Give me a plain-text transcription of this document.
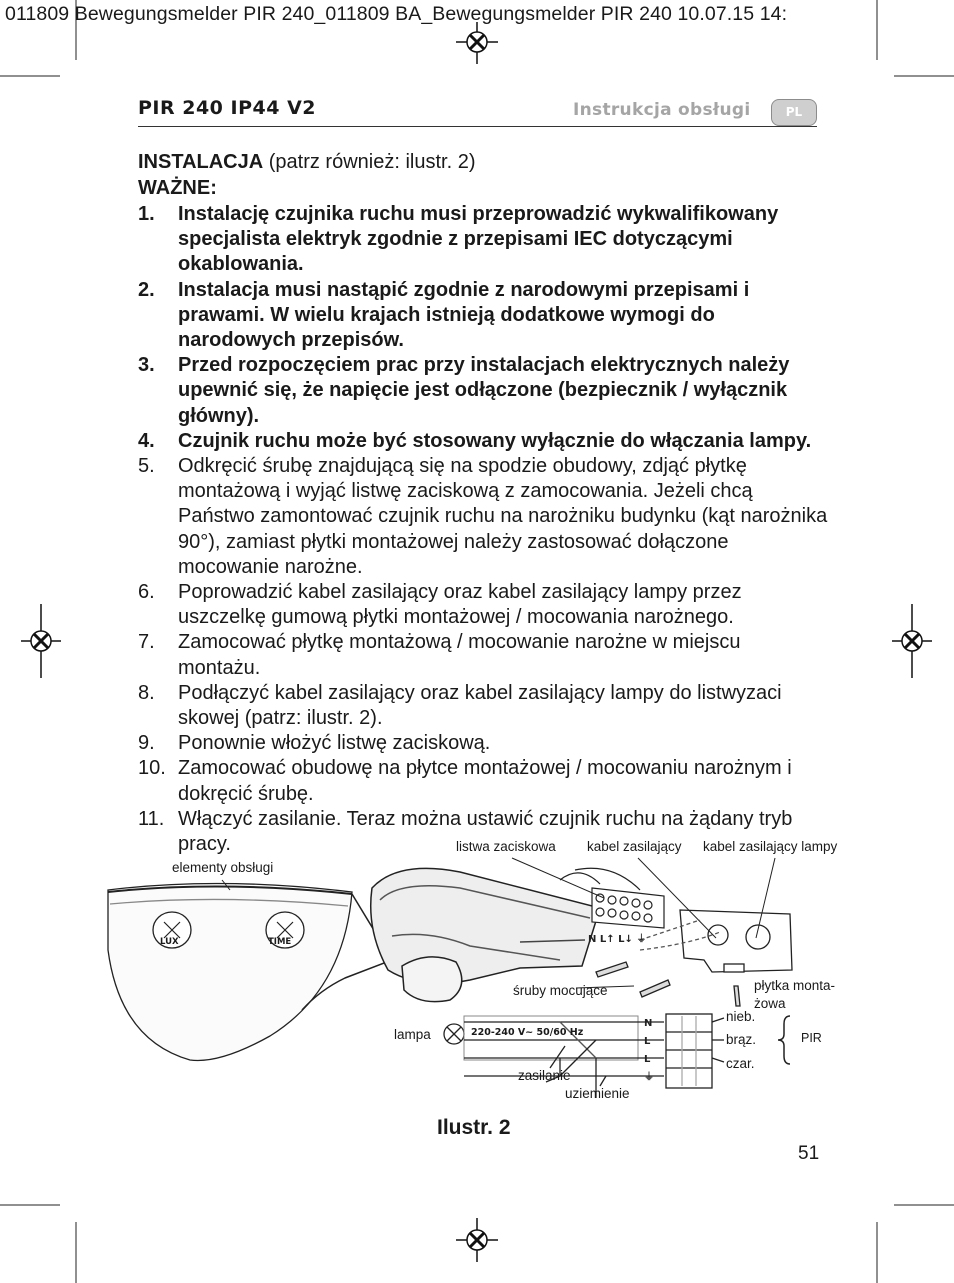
N
L
L
⏚
N L↑ L↓ ⏚
011809 Bewegungsmelder PIR 240_011809 BA_Bewegungsmelder PIR 240 10.07.15 14:
PIR 240 IP44 V2	Instrukcja obsługi	PL
INSTALACJA (patrz również: ilustr. 2)
WAŻNE:
1. Instalację czujnika ruchu musi przeprowadzić wykwalifikowany specjalista elektryk zgodnie z przepisami IEC dotyczącymi okablowania.
2. Instalacja musi nastąpić zgodnie z narodowymi przepisami i prawami. W wielu krajach istnieją dodatkowe wymogi do narodowych przepisów.
3. Przed rozpoczęciem prac przy instalacjach elektrycznych należy upewnić się, że napięcie jest odłączone (bezpiecznik / wyłącznik główny).
4. Czujnik ruchu może być stosowany wyłącznie do włączania lampy.
5. Odkręcić śrubę znajdującą się na spodzie obudowy, zdjąć płytkę montażową i wyjąć listwę zaciskową z zamocowania. Jeżeli chcą Państwo zamontować czujnik ruchu na narożniku budynku (kąt narożnika 90°), zamiast płytki montażowej należy zastosować dołączone mocowanie narożne.
6. Poprowadzić kabel zasilający oraz kabel zasilający lampy przez uszczelkę gumową płytki montażowej / mocowania narożnego.
7. Zamocować płytkę montażową / mocowanie narożne w miejscu montażu.
8. Podłączyć kabel zasilający oraz kabel zasilający lampy do listwyzaci skowej (patrz: ilustr. 2).
9. Ponownie włożyć listwę zaciskową.
10. Zamocować obudowę na płytce montażowej / mocowaniu narożnym i dokręcić śrubę.
11. Włączyć zasilanie. Teraz można ustawić czujnik ruchu na żądany tryb pracy.
elementy obsługi
listwa zaciskowa kabel zasilający kabel zasilający lampy
śruby mocujące	płytka monta-
żowa
lampa	220-240 V~ 50/60 Hz
zasilanie
uziemienie
nieb.
brąz.
czar.
PIR
LUX	TIME
Ilustr. 2
51
